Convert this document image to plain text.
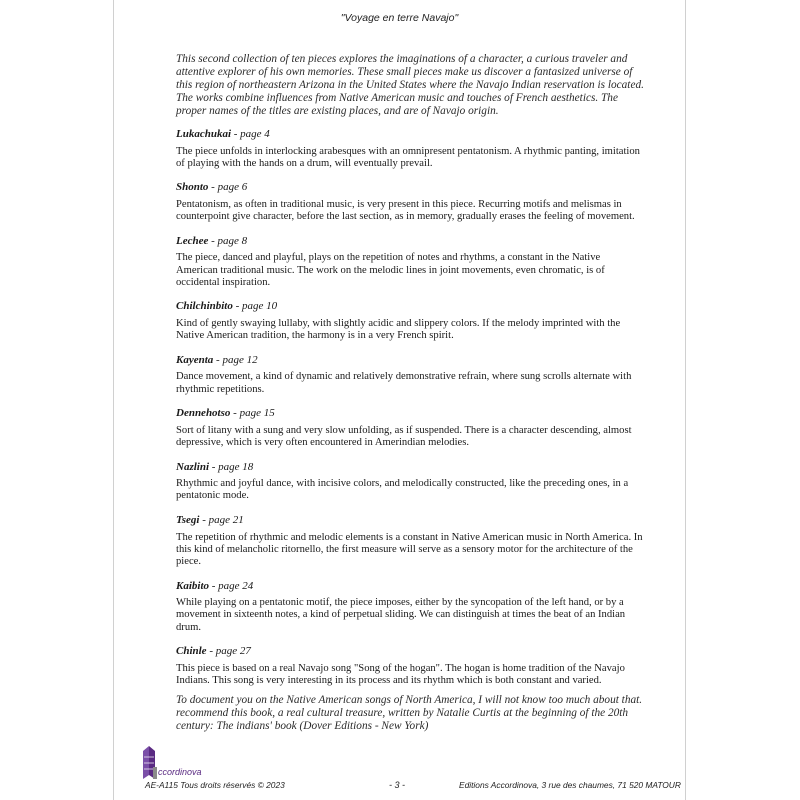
"Voyage en terre Navajo"

This second collection of ten pieces explores the imaginations of a character, a curious traveler and attentive explorer of his own memories. These small pieces make us discover a fantasized universe of this region of northeastern Arizona in the United States where the Navajo Indian reservation is located. The works combine influences from Native American music and touches of French aesthetics. The proper names of the titles are existing places, and are of Navajo origin.

Lukachukai - page 4

The piece unfolds in interlocking arabesques with an omnipresent pentatonism. A rhythmic panting, imitation of playing with the hands on a drum, will eventually prevail.

Shonto - page 6

Pentatonism, as often in traditional music, is very present in this piece. Recurring motifs and melismas in counterpoint give character, before the last section, as in memory, gradually erases the feeling of movement.

Lechee - page 8

The piece, danced and playful, plays on the repetition of notes and rhythms, a constant in the Native American traditional music. The work on the melodic lines in joint movements, even chromatic, is of occidental inspiration.

Chilchinbito - page 10

Kind of gently swaying lullaby, with slightly acidic and slippery colors. If the melody imprinted with the Native American tradition, the harmony is in a very French spirit.

Kayenta - page 12

Dance movement, a kind of dynamic and relatively demonstrative refrain, where sung scrolls alternate with rhythmic repetitions.

Dennehotso - page 15

Sort of litany with a sung and very slow unfolding, as if suspended. There is a character descending, almost depressive, which is very often encountered in Amerindian melodies.

Nazlini - page 18

Rhythmic and joyful dance, with incisive colors, and melodically constructed, like the preceding ones, in a pentatonic mode.

Tsegi - page 21

The repetition of rhythmic and melodic elements is a constant in Native American music in North America. In this kind of melancholic ritornello, the first measure will serve as a sensory motor for the architecture of the piece.

Kaibito - page 24

While playing on a pentatonic motif, the piece imposes, either by the syncopation of the left hand, or by a movement in sixteenth notes, a kind of perpetual sliding. We can distinguish at times the beat of an Indian drum.

Chinle - page 27

This piece is based on a real Navajo song "Song of the hogan". The hogan is home tradition of the Navajo Indians. This song is very interesting in its process and its rhythm which is both constant and varied.

To document you on the Native American songs of North America, I will not know too much about that. recommend this book, a real cultural treasure, written by Natalie Curtis at the beginning of the 20th century: The indians' book (Dover Editions - New York)

ccordinova
AE-A115 Tous droits réservés © 2023	- 3 -	Editions Accordinova, 3 rue des chaumes, 71 520 MATOUR
